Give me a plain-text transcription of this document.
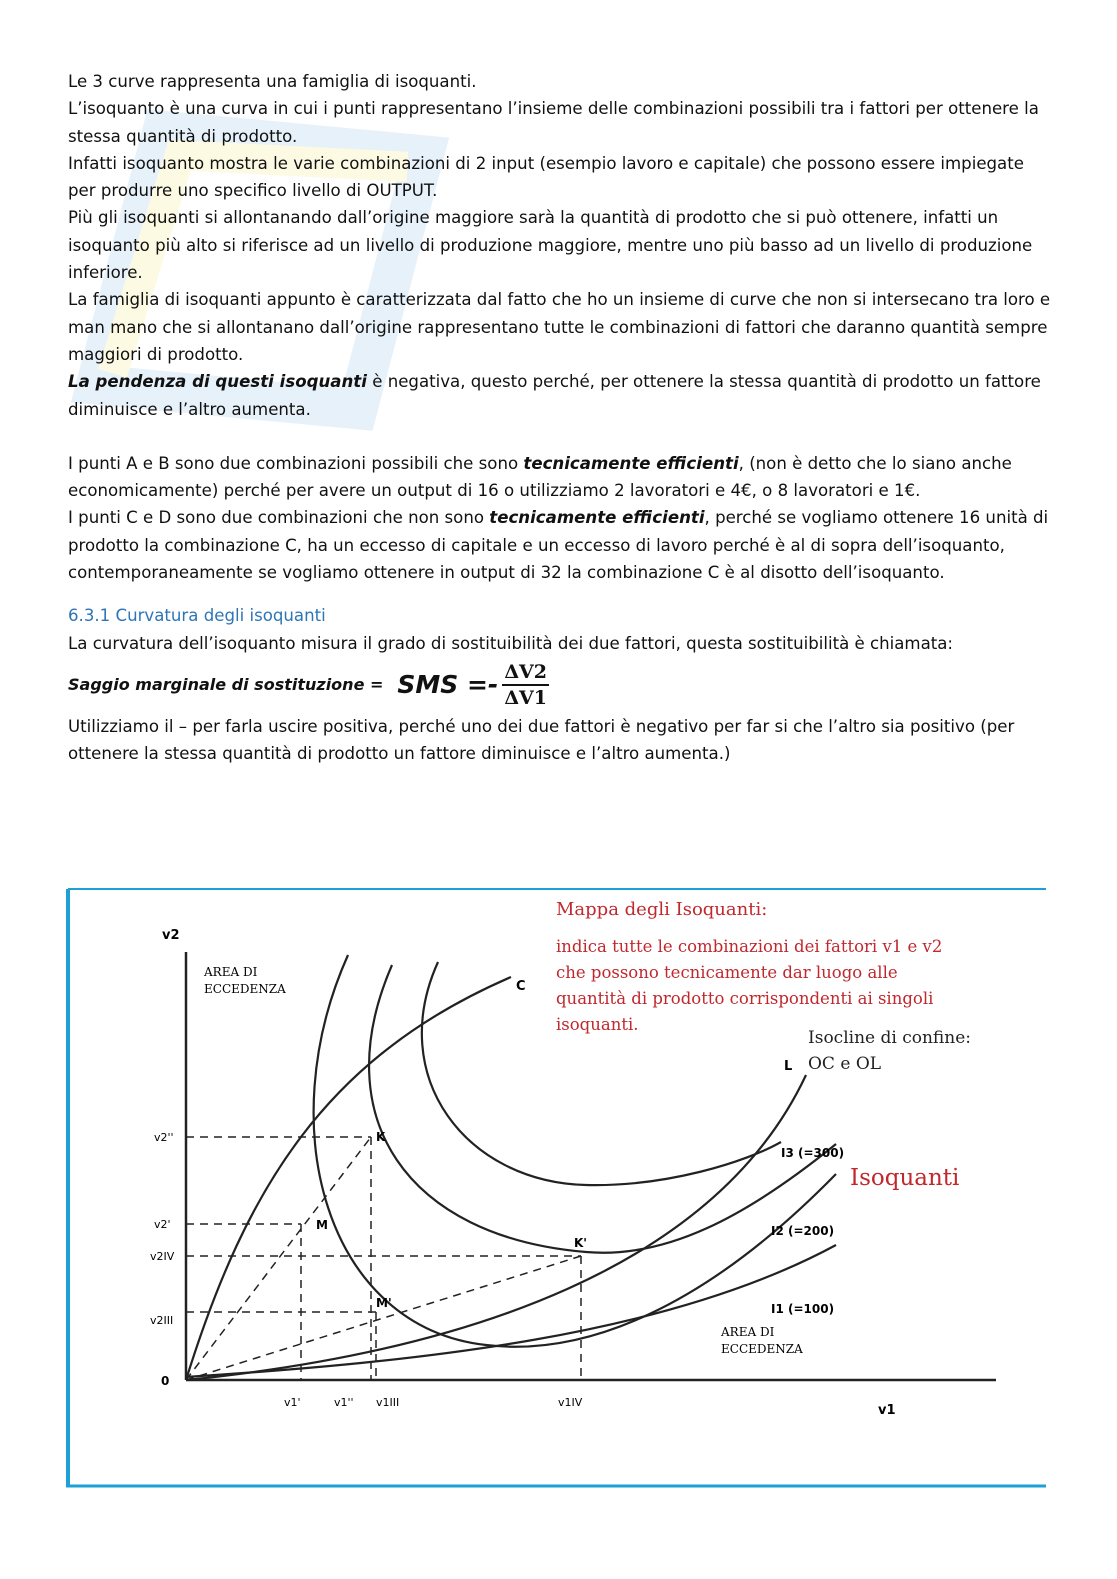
Le 3 curve rappresenta una famiglia di isoquanti.

L’isoquanto è una curva in cui i punti rappresentano l’insieme delle combinazioni possibili tra i fattori per ottenere la stessa quantità di prodotto.

Infatti isoquanto mostra le varie combinazioni di 2 input (esempio lavoro e capitale) che possono essere impiegate per produrre uno specifico livello di OUTPUT.

Più gli isoquanti si allontanando dall’origine maggiore sarà la quantità di prodotto che si può ottenere, infatti un isoquanto più alto si riferisce ad un livello di produzione maggiore, mentre uno più basso ad un livello di produzione inferiore.

La famiglia di isoquanti appunto è caratterizzata dal fatto che ho un insieme di curve che non si intersecano tra loro e man mano che si allontanano dall’origine rappresentano tutte le combinazioni di fattori che daranno quantità sempre maggiori di prodotto.

La pendenza di questi isoquanti è negativa, questo perché, per ottenere la stessa quantità di prodotto un fattore diminuisce e l’altro aumenta.

I punti A e B sono due combinazioni possibili che sono tecnicamente efficienti, (non è detto che lo siano anche economicamente) perché per avere un output di 16 o utilizziamo 2 lavoratori e 4€, o 8 lavoratori e 1€.

I punti C e D sono due combinazioni che non sono tecnicamente efficienti, perché se vogliamo ottenere 16 unità di prodotto la combinazione C, ha un eccesso di capitale e un eccesso di lavoro perché è al di sopra dell’isoquanto, contemporaneamente se vogliamo ottenere in output di 32 la combinazione C è al disotto dell’isoquanto.

6.3.1 Curvatura degli isoquanti

La curvatura dell’isoquanto misura il grado di sostituibilità dei due fattori, questa sostituibilità è chiamata:

Saggio marginale di sostituzione = SMS =- $\frac{\Delta V2}{\Delta V1}$

Utilizziamo il – per farla uscire positiva, perché uno dei due fattori è negativo per far si che l’altro sia positivo (per ottenere la stessa quantità di prodotto un fattore diminuisce e l’altro aumenta.)

v2
v1
0
v2''
v2'
v2IV
v2III
v1'	v1'' v1III	v1IV
C
L
K
K'
M
M'
I3 (=300)
I2 (=200)
I1 (=100)
AREA DI
ECCEDENZA
AREA DI
ECCEDENZA
Mappa degli Isoquanti:
indica tutte le combinazioni dei fattori v1 e v2
che possono tecnicamente dar luogo alle
quantità di prodotto corrispondenti ai singoli
isoquanti.
Isocline di confine:
OC e OL
Isoquanti
